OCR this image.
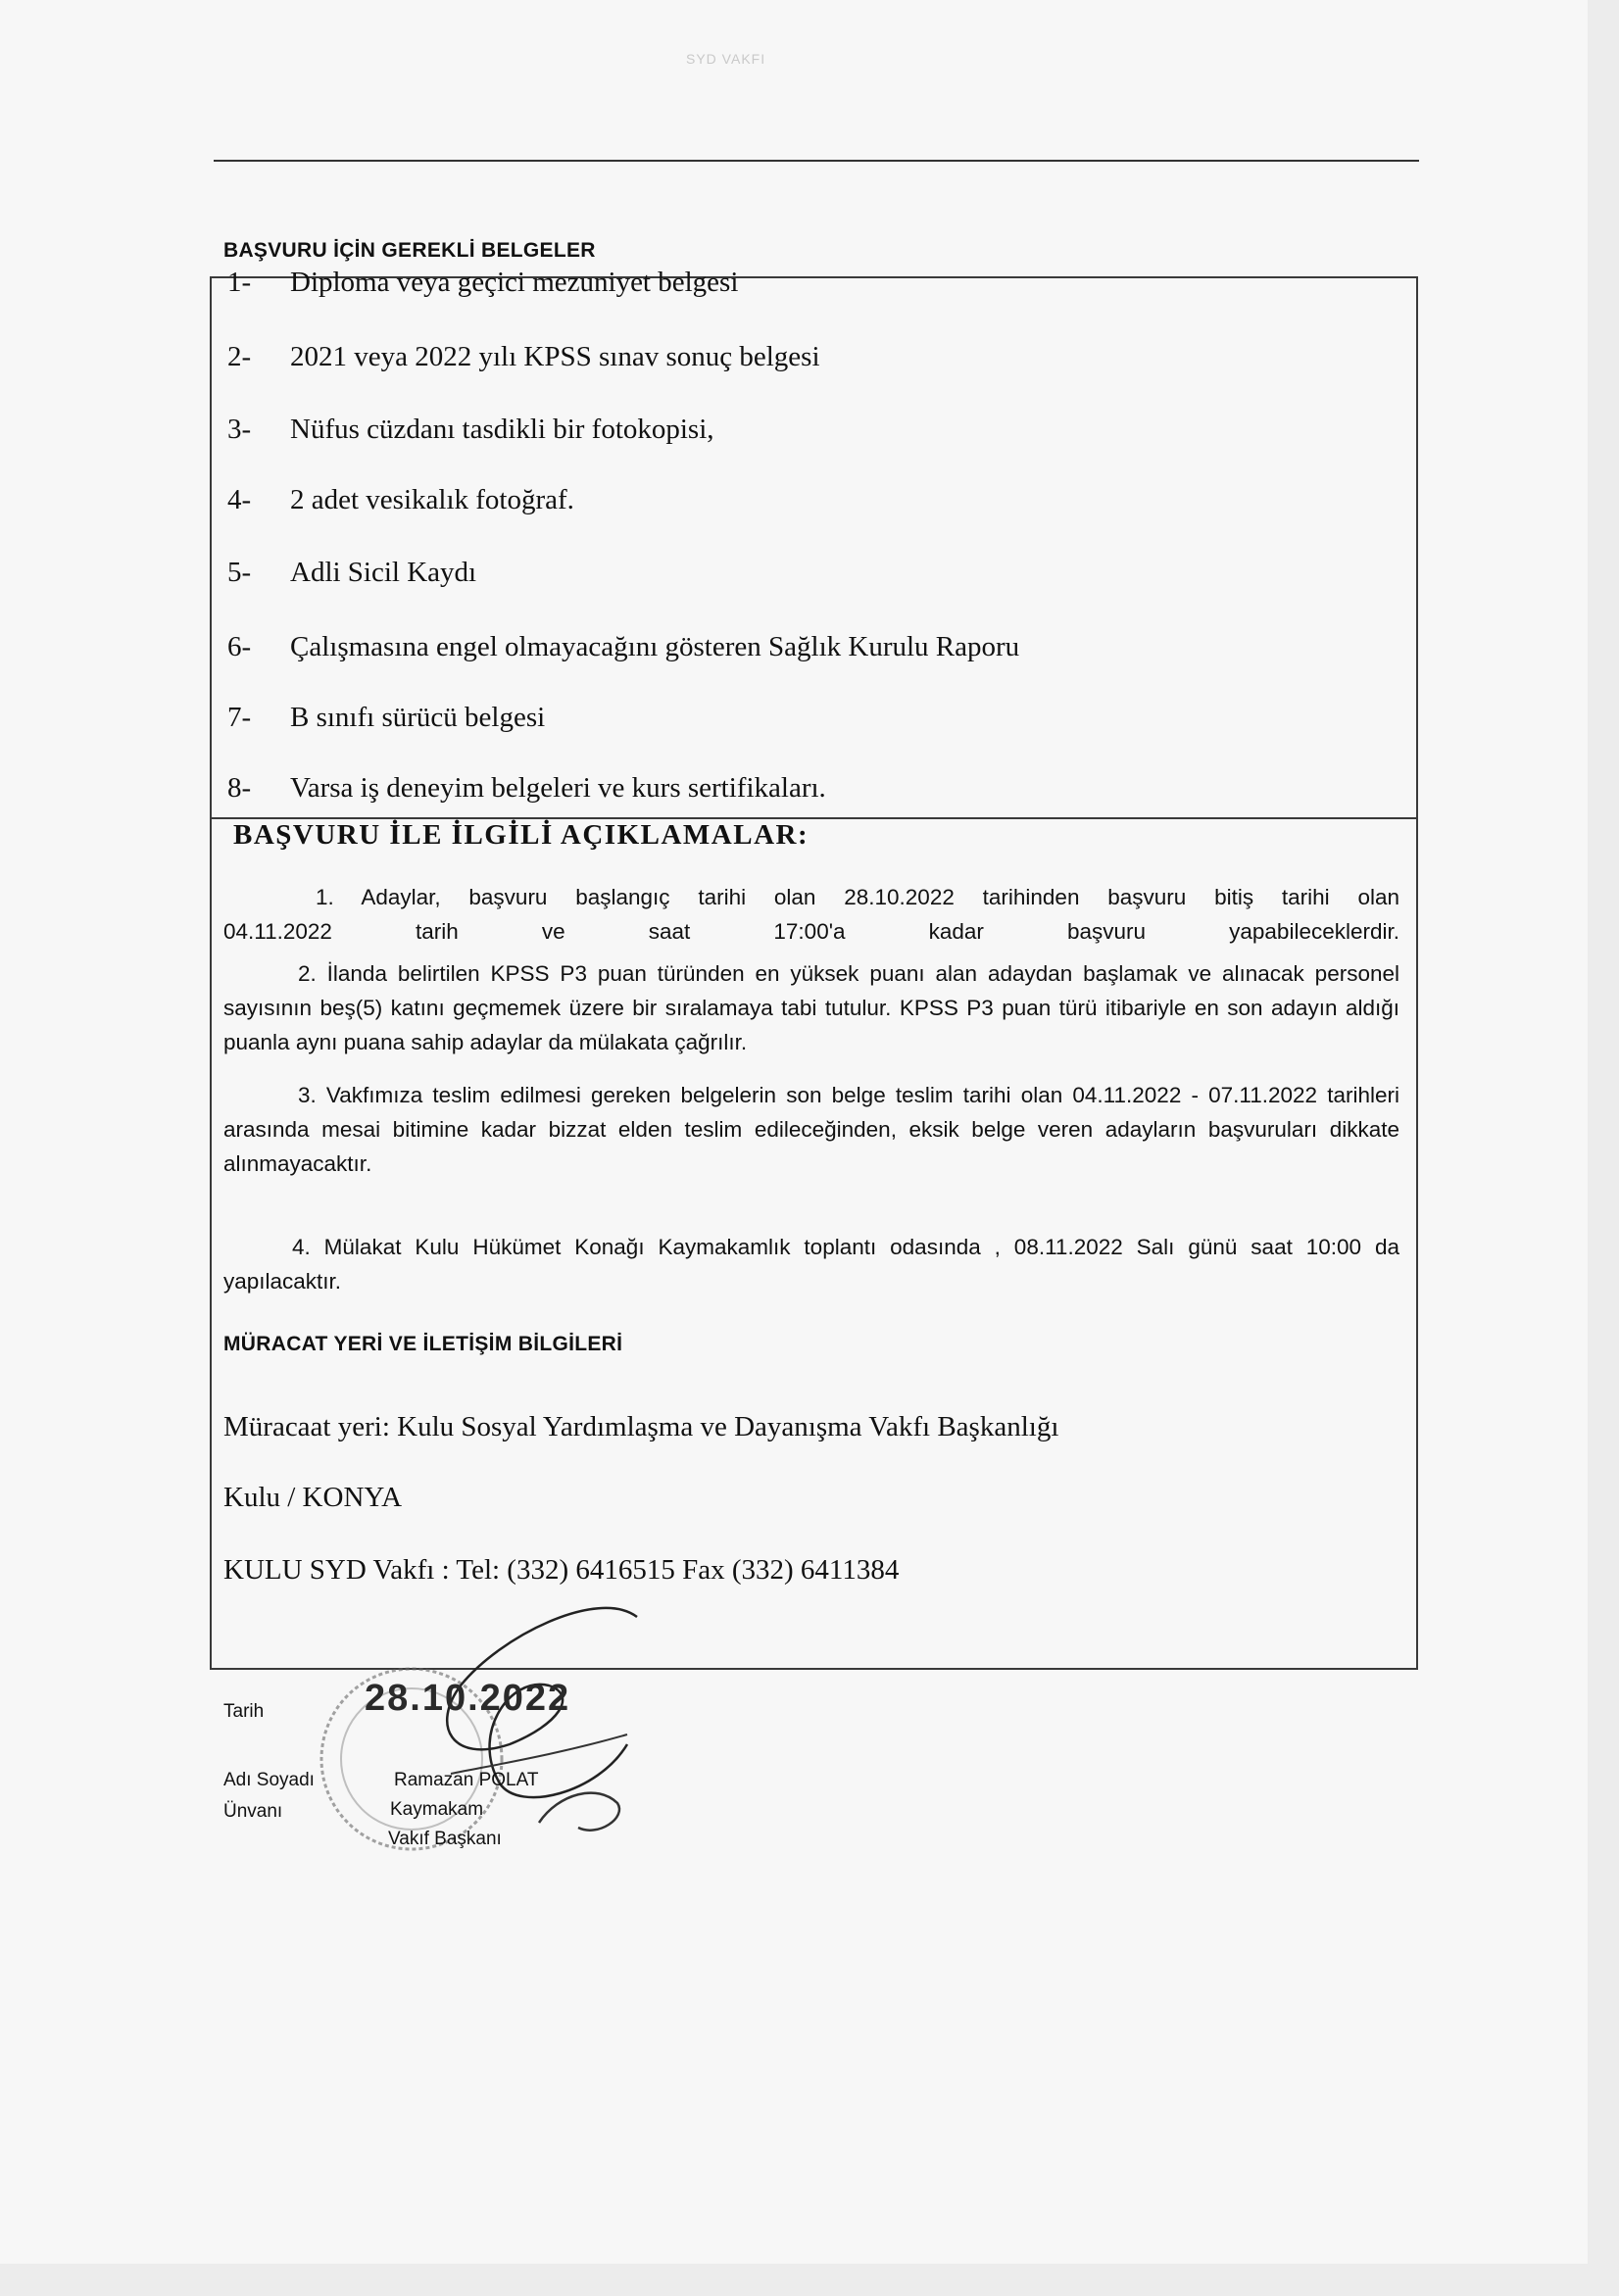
SYD VAKFI
BAŞVURU İÇİN GEREKLİ BELGELER
1- Diploma veya geçici mezuniyet belgesi
2- 2021 veya 2022 yılı KPSS sınav sonuç belgesi
3- Nüfus cüzdanı tasdikli bir fotokopisi,
4- 2 adet vesikalık fotoğraf.
5- Adli Sicil Kaydı
6- Çalışmasına engel olmayacağını gösteren Sağlık Kurulu Raporu
7- B sınıfı sürücü belgesi
8- Varsa iş deneyim belgeleri ve kurs sertifikaları.
BAŞVURU İLE İLGİLİ AÇIKLAMALAR:
1. Adaylar, başvuru başlangıç tarihi olan 28.10.2022 tarihinden başvuru bitiş tarihi olan
04.11.2022 tarih ve saat 17:00'a kadar başvuru yapabileceklerdir.
2. İlanda belirtilen KPSS P3 puan türünden en yüksek puanı alan adaydan başlamak ve alınacak personel sayısının beş(5) katını geçmemek üzere bir sıralamaya tabi tutulur. KPSS P3 puan türü itibariyle en son adayın aldığı puanla aynı puana sahip adaylar da mülakata çağrılır.
3. Vakfımıza teslim edilmesi gereken belgelerin son belge teslim tarihi olan 04.11.2022 - 07.11.2022 tarihleri arasında mesai bitimine kadar bizzat elden teslim edileceğinden, eksik belge veren adayların başvuruları dikkate alınmayacaktır.
4. Mülakat Kulu Hükümet Konağı Kaymakamlık toplantı odasında , 08.11.2022 Salı günü saat 10:00 da yapılacaktır.
MÜRACAT YERİ VE İLETİŞİM BİLGİLERİ
Müracaat yeri: Kulu Sosyal Yardımlaşma ve Dayanışma Vakfı Başkanlığı
Kulu / KONYA
KULU SYD Vakfı : Tel: (332) 6416515 Fax (332) 6411384
Tarih	28.10.2022
Adı Soyadı	Ramazan POLAT
Ünvanı	Kaymakam
Vakıf Başkanı
